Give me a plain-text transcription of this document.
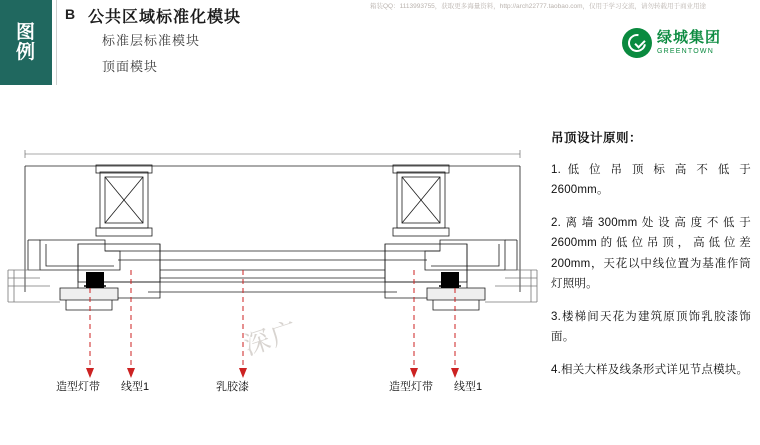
箱装QQ：1113993755，获取更多海量资料，http://arch22777.taobao.com，仅用于学习交流，请勿转载用于商业用途
图
例
B 公共区域标准化模块
标准层标准模块
顶面模块
绿城集团
GREENTOWN
深广
造型灯带 线型1	乳胶漆	造型灯带 线型1
吊顶设计原则：

1. 低 位 吊 顶 标 高 不 低 于 2600mm。

2.离墙300mm处设高度不低于2600mm的低位吊顶，高低位差200mm，天花以中线位置为基准作筒灯照明。

3.楼梯间天花为建筑原顶饰乳胶漆饰面。

4.相关大样及线条形式详见节点模块。
